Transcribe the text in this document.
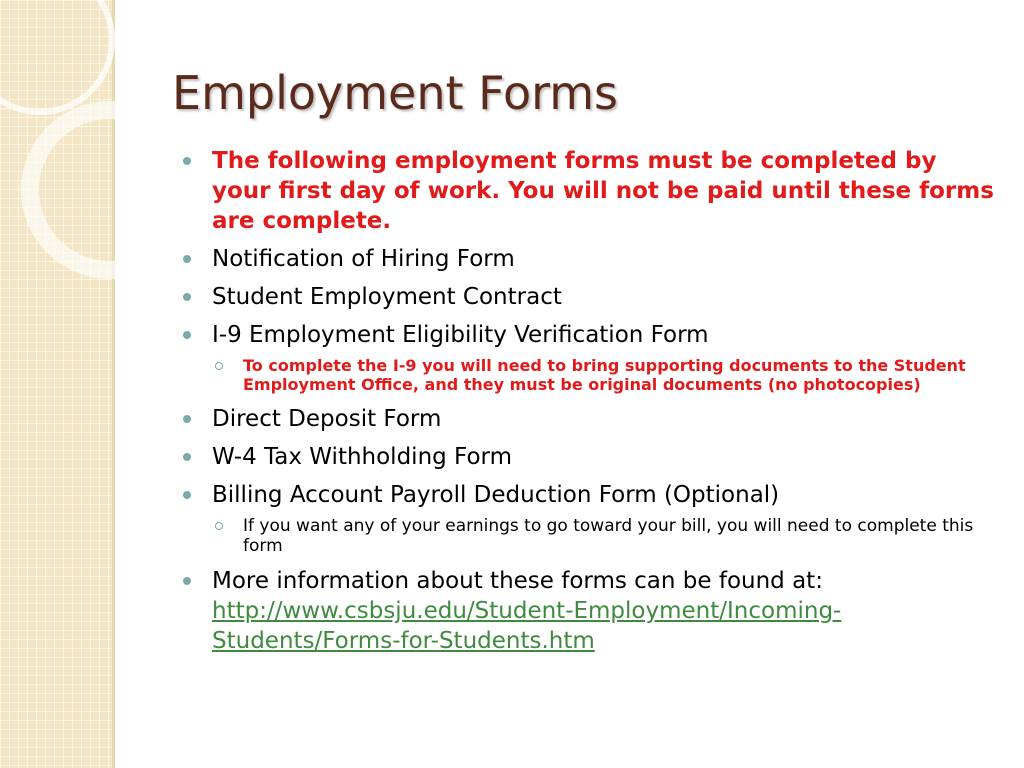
Employment Forms
The following employment forms must be completed by your first day of work. You will not be paid until these forms are complete.
Notification of Hiring Form
Student Employment Contract
I-9 Employment Eligibility Verification Form
To complete the I-9 you will need to bring supporting documents to the Student Employment Office, and they must be original documents (no photocopies)
Direct Deposit Form
W-4 Tax Withholding Form
Billing Account Payroll Deduction Form (Optional)
If you want any of your earnings to go toward your bill, you will need to complete this form
More information about these forms can be found at:
http://www.csbsju.edu/Student-Employment/Incoming-Students/Forms-for-Students.htm
